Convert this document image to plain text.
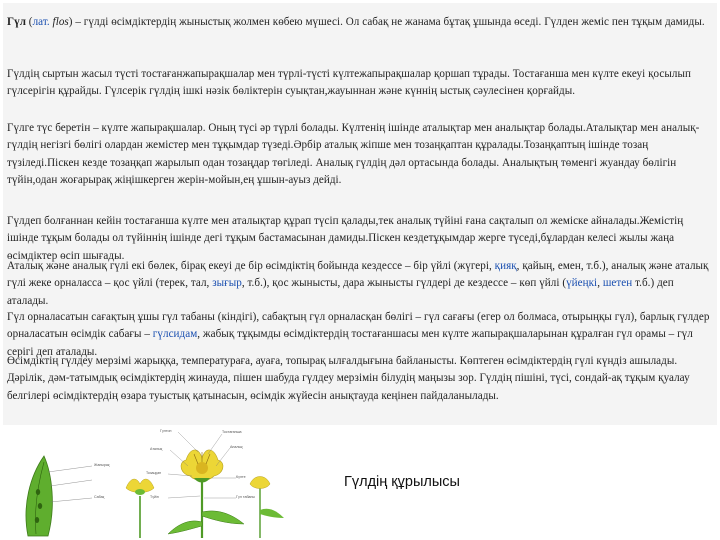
Гүл (лат. flos) – гүлді өсімдіктердің жыныстық жолмен көбею мүшесі. Ол сабақ не жанама бұтақ ұшында өседі. Гүлден жеміс пен тұқым дамиды.

Гүлдің сыртын жасыл түсті тостағанжапырақшалар мен түрлі-түсті күлтежапырақшалар қоршап тұрады. Тостағанша мен күлте екеуі қосылып гүлсерігін құрайды. Гүлсерік гүлдің ішкі нәзік бөліктерін суықтан,жауыннан және күннің ыстық сәулесінен қорғайды.

Гүлге түс беретін – күлте жапырақшалар. Оның түсі әр түрлі болады. Күлтенің ішінде аталықтар мен аналықтар болады.Аталықтар мен аналық-гүлдің негізгі бөлігі олардан жемістер мен тұқымдар түзеді.Әрбір аталық жіпше мен тозаңқаптан құралады.Тозаңқаптың ішінде тозаң түзіледі.Піскен кезде тозаңқап жарылып одан тозаңдар төгіледі. Аналық гүлдің дәл ортасында болады. Аналықтың төменгі жуандау бөлігін түйін,одан жоғарырақ жіңішкерген жерін-мойын,ең ұшын-ауыз дейді.

Гүлдеп болғаннан кейін тостағанша күлте мен аталықтар құрап түсіп қалады,тек аналық түйіні ғана сақталып ол жеміске айналады.Жемістің ішінде тұқым болады ол түйіннің ішінде дегі тұқым бастамасынан дамиды.Піскен кездетұқымдар жерге түседі,бұлардан келесі жылы жаңа өсімдіктер өсіп шығады.

Аталық және аналық гүлі екі бөлек, бірақ екеуі де бір өсімдіктің бойында кездессе – бір үйлі (жүгері, қияқ, қайың, емен, т.б.), аналық және аталық гүлі жеке орналасса – қос үйлі (терек, тал, зығыр, т.б.), қос жынысты, дара жынысты гүлдері де кездессе – көп үйлі (үйеңкі, шетен т.б.) деп аталады.

Гүл орналасатын сағақтың ұшы гүл табаны (кіндігі), сабақтың гүл орналасқан бөлігі – гүл сағағы (егер ол болмаса, отырыңқы гүл), барлық гүлдер орналасатын өсімдік сабағы – гүлсидам, жабық тұқымды өсімдіктердің тостағаншасы мен күлте жапырақшаларынан құралған гүл орамы – гүл серігі деп аталады.

Өсімдіктің гүлдеу мерзімі жарыққа, температураға, ауаға, топырақ ылғалдығына байланысты. Көптеген өсімдіктердің гүлі күндіз ашылады. Дәрілік, дәм-татымдық өсімдіктердің жинауда, пішен шабуда гүлдеу мерзімін білудің маңызы зор. Гүлдің пішіні, түсі, сондай-ақ тұқым қуалау белгілері өсімдіктердің өзара туыстық қатынасын, өсімдік жүйесін анықтауда кеңінен пайдаланылады.

Гүлтоп	Тостағанша
Аталық	Аналық
Тозаңқап
Күлте
Түйін	Гүл табаны
Жапырақ
Сабақ
Гүлдің құрылысы
